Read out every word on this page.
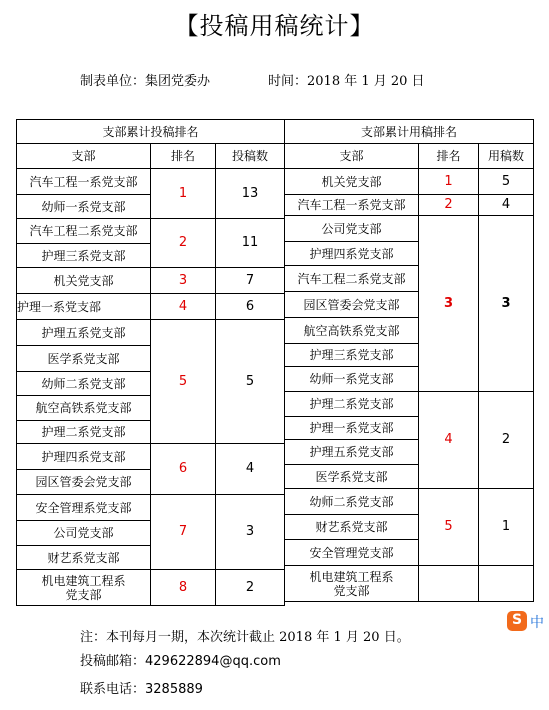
【投稿用稿统计】
制表单位：集团党委办	时间：2018 年 1 月 20 日
支部累计投稿排名		
支部	排名	投稿数
汽车工程一系党支部	1	13
幼师一系党支部		
汽车工程二系党支部	2	11
护理三系党支部		
机关党支部	3	7
护理一系党支部	4	6
护理五系党支部	5	5
医学系党支部		
幼师二系党支部		
航空高铁系党支部		
护理二系党支部		
护理四系党支部	6	4
园区管委会党支部		
安全管理系党支部	7	3
公司党支部		
财艺系党支部		
机电建筑工程系
党支部	8	2
支部累计用稿排名		
支部	排名	用稿数
机关党支部	1	5
汽车工程一系党支部	2	4
公司党支部	3	3
护理四系党支部		
汽车工程二系党支部		
园区管委会党支部		
航空高铁系党支部		
护理三系党支部		
幼师一系党支部		
护理二系党支部	4	2
护理一系党支部		
护理五系党支部		
医学系党支部		
幼师二系党支部	5	1
财艺系党支部		
安全管理党支部		
机电建筑工程系
党支部		
注：本刊每月一期，本次统计截止 2018 年 1 月 20 日。
投稿邮箱：429622894@qq.com
联系电话：3285889
S 中
